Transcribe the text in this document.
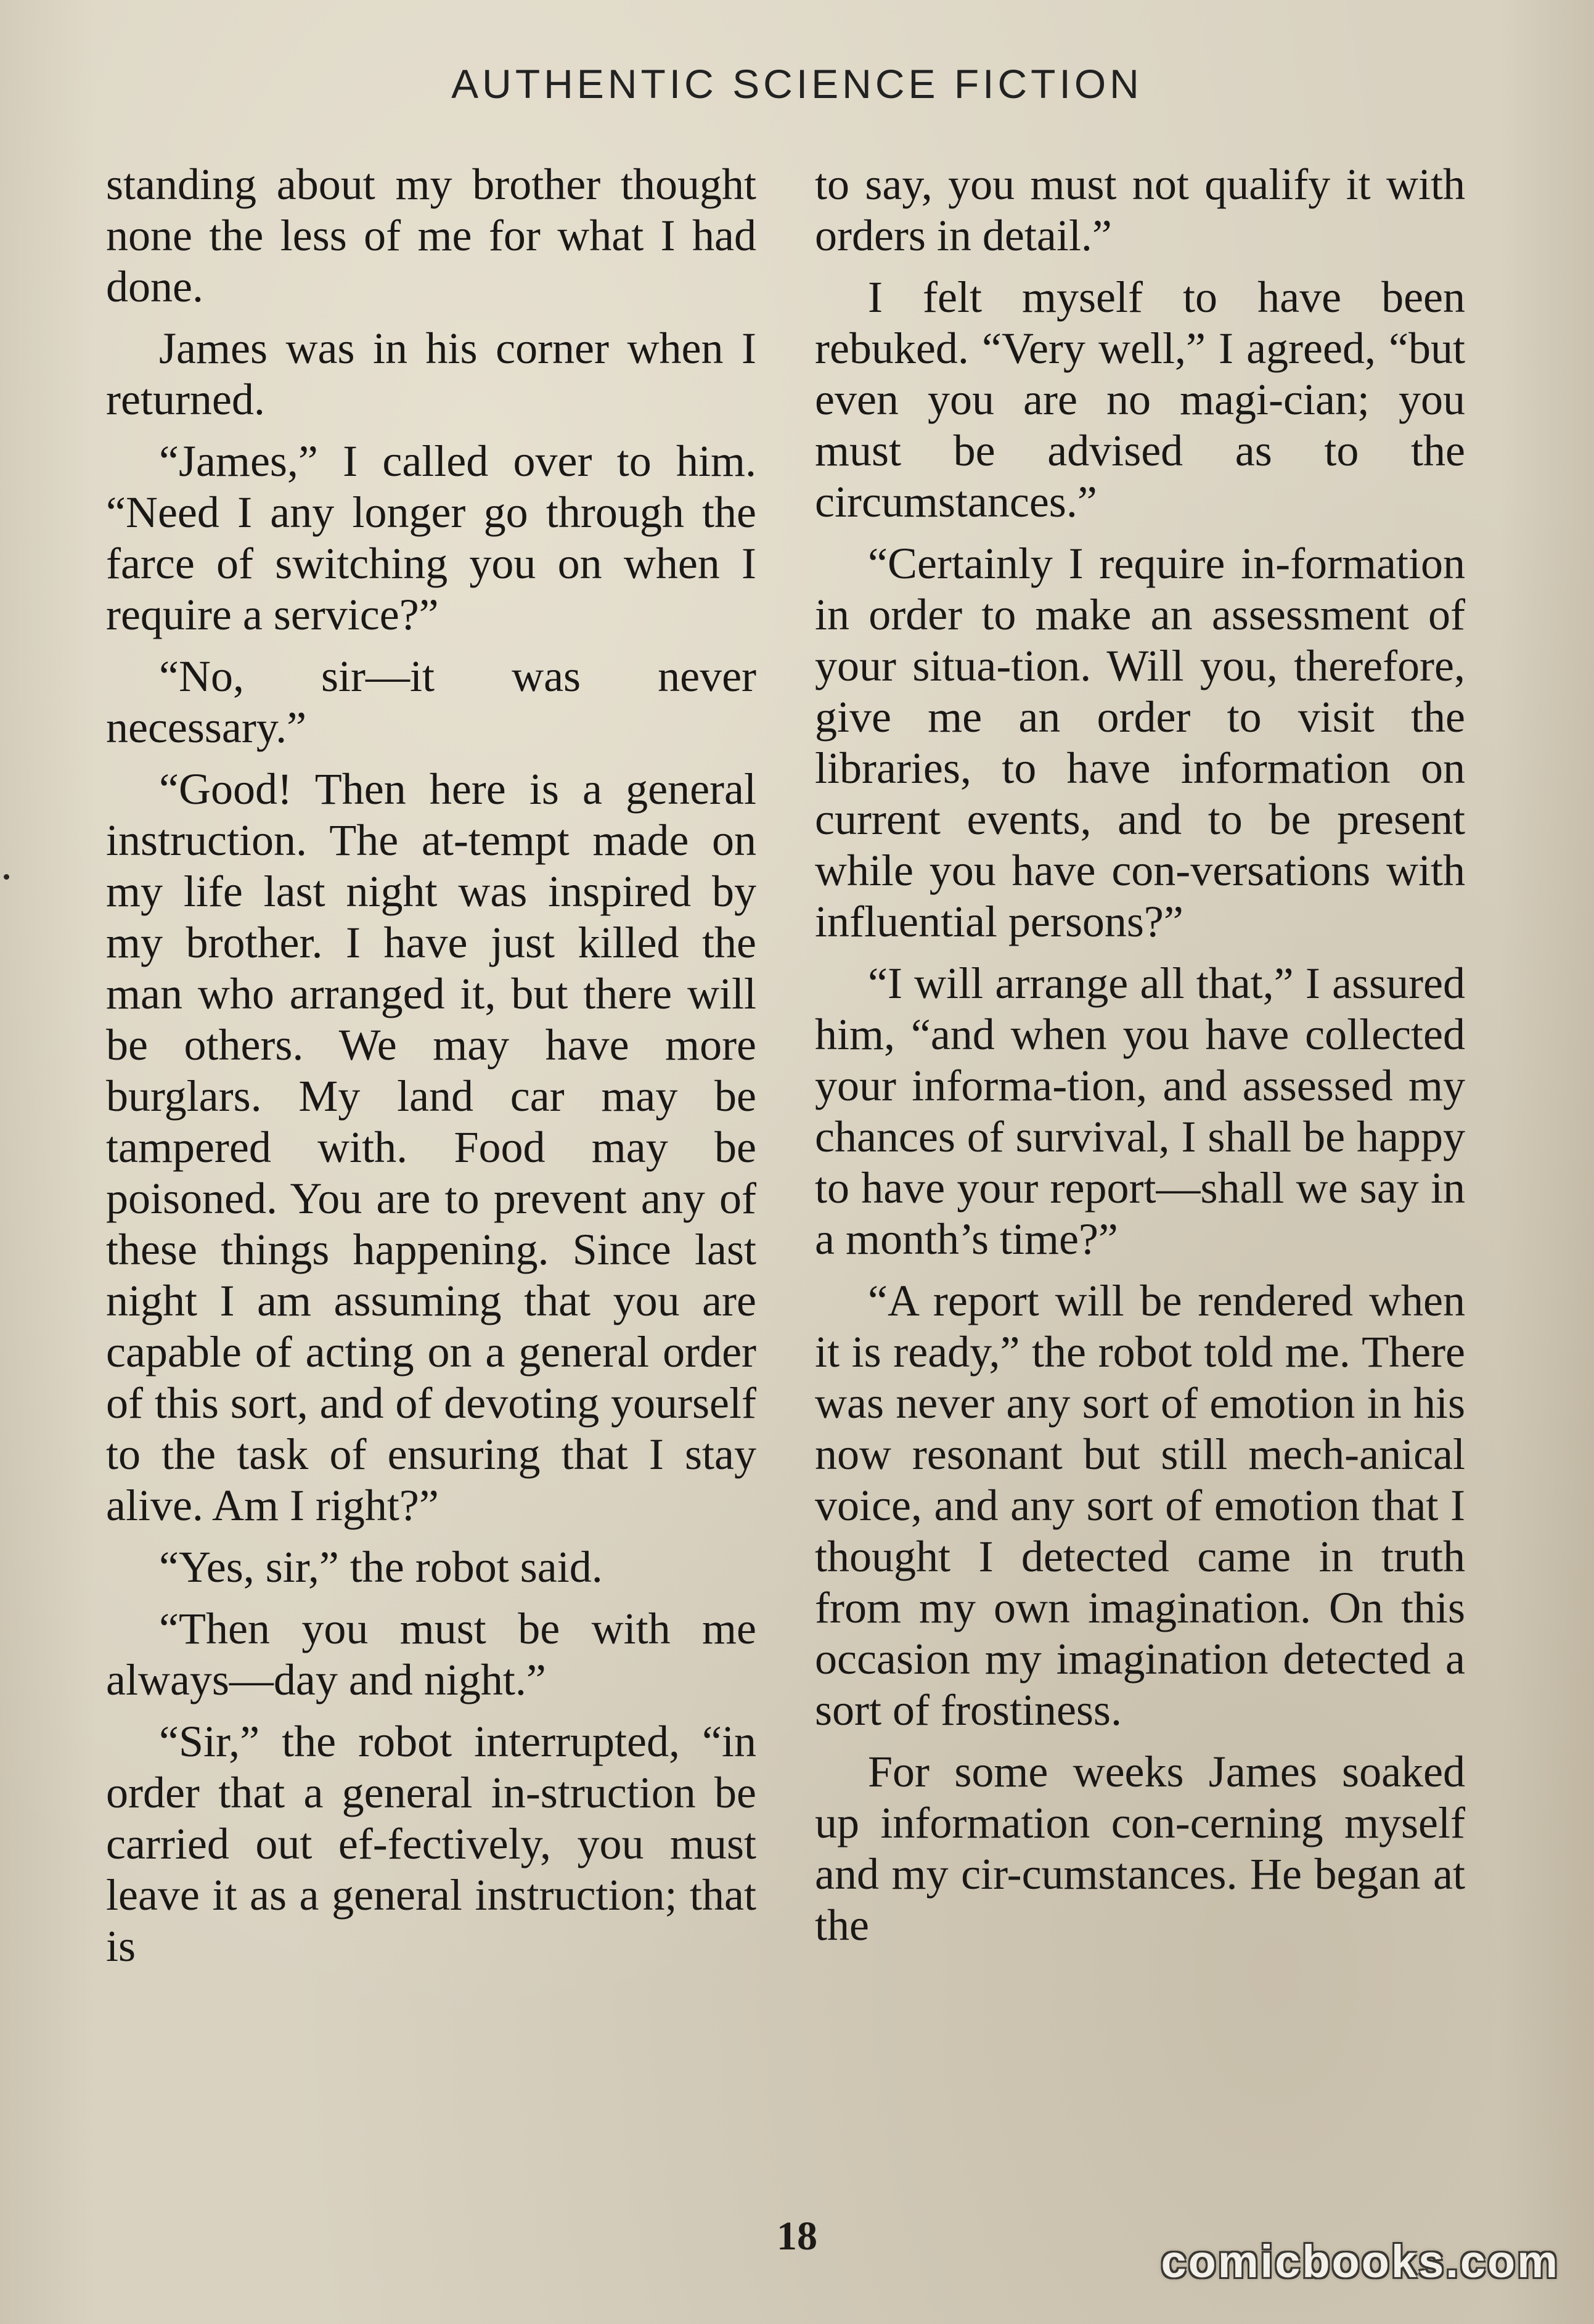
AUTHENTIC SCIENCE FICTION

standing about my brother thought none the less of me for what I had done.

James was in his corner when I returned.

“James,” I called over to him. “Need I any longer go through the farce of switching you on when I require a service?”

“No, sir—it was never necessary.”

“Good! Then here is a general instruction. The at-tempt made on my life last night was inspired by my brother. I have just killed the man who arranged it, but there will be others. We may have more burglars. My land car may be tampered with. Food may be poisoned. You are to prevent any of these things happening. Since last night I am assuming that you are capable of acting on a general order of this sort, and of devoting yourself to the task of ensuring that I stay alive. Am I right?”

“Yes, sir,” the robot said.

“Then you must be with me always—day and night.”

“Sir,” the robot interrupted, “in order that a general in-struction be carried out ef-fectively, you must leave it as a general instruction; that is

to say, you must not qualify it with orders in detail.”

I felt myself to have been rebuked. “Very well,” I agreed, “but even you are no magi-cian; you must be advised as to the circumstances.”

“Certainly I require in-formation in order to make an assessment of your situa-tion. Will you, therefore, give me an order to visit the libraries, to have information on current events, and to be present while you have con-versations with influential persons?”

“I will arrange all that,” I assured him, “and when you have collected your informa-tion, and assessed my chances of survival, I shall be happy to have your report—shall we say in a month’s time?”

“A report will be rendered when it is ready,” the robot told me. There was never any sort of emotion in his now resonant but still mech-anical voice, and any sort of emotion that I thought I detected came in truth from my own imagination. On this occasion my imagination detected a sort of frostiness.

For some weeks James soaked up information con-cerning myself and my cir-cumstances. He began at the

18	comicbooks.com
